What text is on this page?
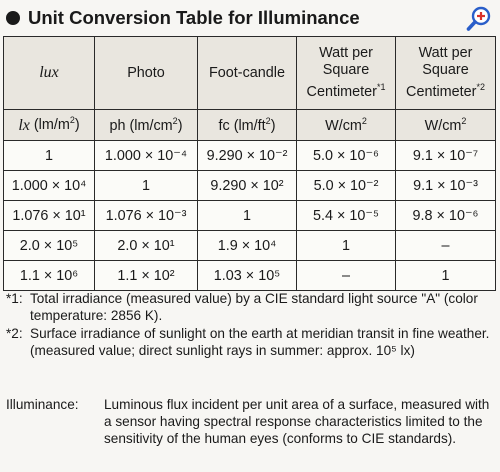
Unit Conversion Table for Illuminance
lux	Photo	Foot-candle	Watt per
Square
Centimeter$^{*1}$	Watt per
Square
Centimeter$^{*2}$
lx $(lm/m^2)$	ph $(lm/cm^2)$	fc $(lm/ft^2)$	$W/cm^2$	$W/cm^2$
1	1.000 × 10⁻⁴	9.290 × 10⁻²	5.0 × 10⁻⁶	9.1 × 10⁻⁷
1.000 × 10⁴	1	9.290 × 10²	5.0 × 10⁻²	9.1 × 10⁻³
1.076 × 10¹	1.076 × 10⁻³	1	5.4 × 10⁻⁵	9.8 × 10⁻⁶
2.0 × 10⁵	2.0 × 10¹	1.9 × 10⁴	1	–
1.1 × 10⁶	1.1 × 10²	1.03 × 10⁵	–	1
*1: Total irradiance (measured value) by a CIE standard light source "A" (color temperature: 2856 K).
*2: Surface irradiance of sunlight on the earth at meridian transit in fine weather. (measured value; direct sunlight rays in summer: approx. 10⁵ lx)
Illuminance: Luminous flux incident per unit area of a surface, measured with a sensor having spectral response characteristics limited to the sensitivity of the human eyes (conforms to CIE standards).
